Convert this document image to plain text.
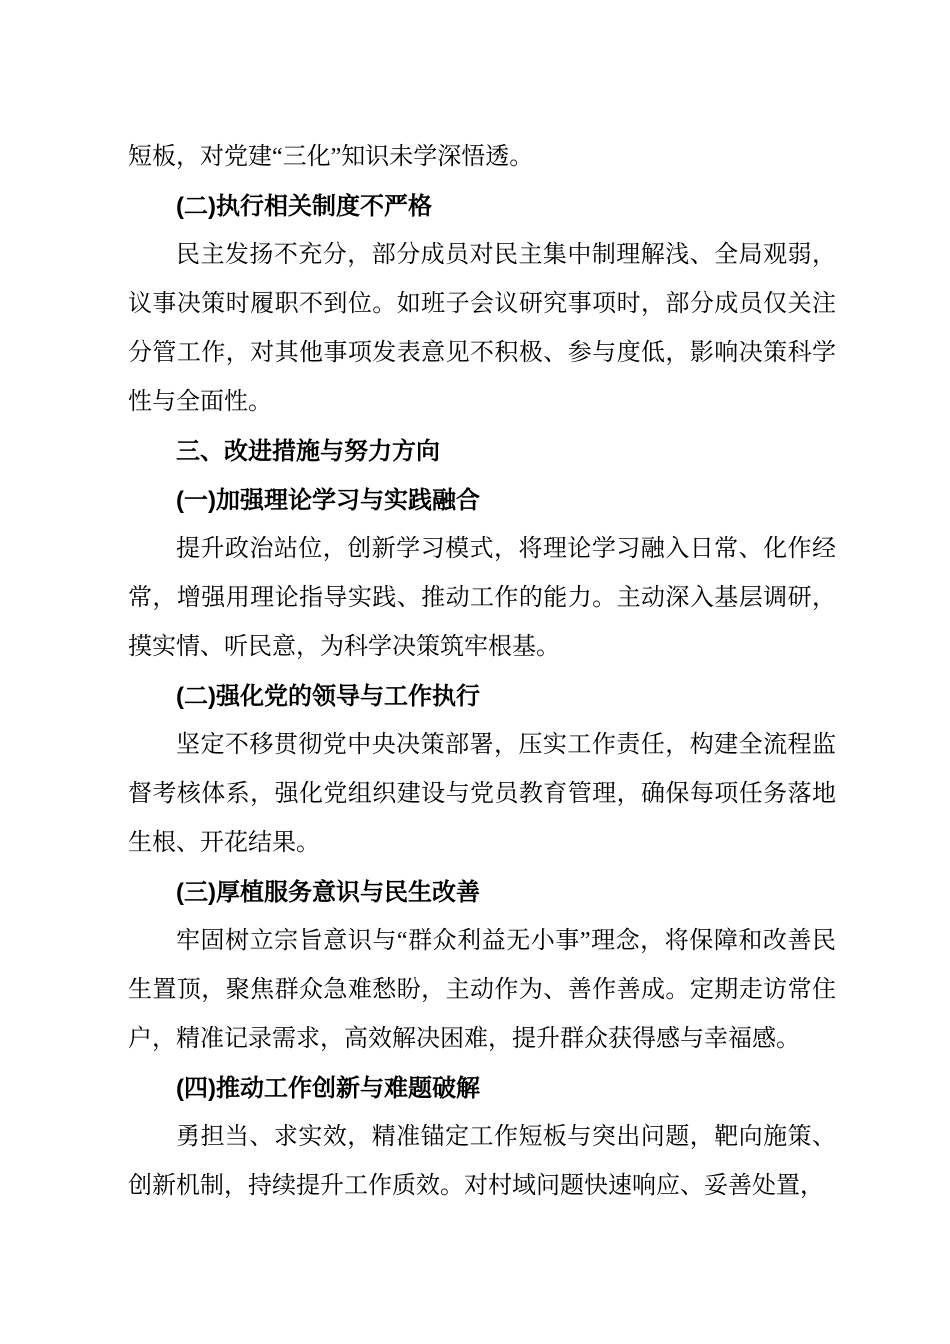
短板，对党建“三化”知识未学深悟透。

(二)执行相关制度不严格

民主发扬不充分，部分成员对民主集中制理解浅、全局观弱，议事决策时履职不到位。如班子会议研究事项时，部分成员仅关注分管工作，对其他事项发表意见不积极、参与度低，影响决策科学性与全面性。

三、改进措施与努力方向

(一)加强理论学习与实践融合

提升政治站位，创新学习模式，将理论学习融入日常、化作经常，增强用理论指导实践、推动工作的能力。主动深入基层调研，摸实情、听民意，为科学决策筑牢根基。

(二)强化党的领导与工作执行

坚定不移贯彻党中央决策部署，压实工作责任，构建全流程监督考核体系，强化党组织建设与党员教育管理，确保每项任务落地生根、开花结果。

(三)厚植服务意识与民生改善

牢固树立宗旨意识与“群众利益无小事”理念，将保障和改善民生置顶，聚焦群众急难愁盼，主动作为、善作善成。定期走访常住户，精准记录需求，高效解决困难，提升群众获得感与幸福感。

(四)推动工作创新与难题破解

勇担当、求实效，精准锚定工作短板与突出问题，靶向施策、创新机制，持续提升工作质效。对村域问题快速响应、妥善处置，
